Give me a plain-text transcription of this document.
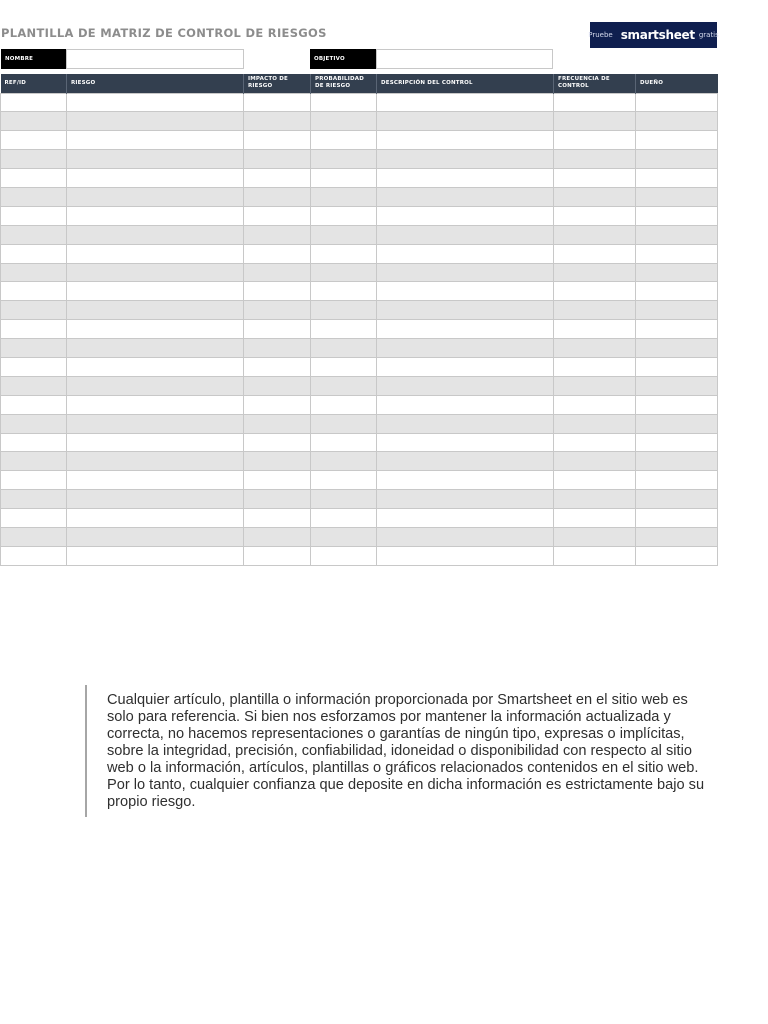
PLANTILLA DE MATRIZ DE CONTROL DE RIESGOS	Pruebe smartsheet gratis
NOMBRE	OBJETIVO
REF/ID	RIESGO	IMPACTO DE RIESGO	PROBABILIDAD DE RIESGO	DESCRIPCIÓN DEL CONTROL	FRECUENCIA DE CONTROL	DUEÑO

Cualquier artículo, plantilla o información proporcionada por Smartsheet en el sitio web es solo para referencia. Si bien nos esforzamos por mantener la información actualizada y correcta, no hacemos representaciones o garantías de ningún tipo, expresas o implícitas, sobre la integridad, precisión, confiabilidad, idoneidad o disponibilidad con respecto al sitio web o la información, artículos, plantillas o gráficos relacionados contenidos en el sitio web. Por lo tanto, cualquier confianza que deposite en dicha información es estrictamente bajo su propio riesgo.
